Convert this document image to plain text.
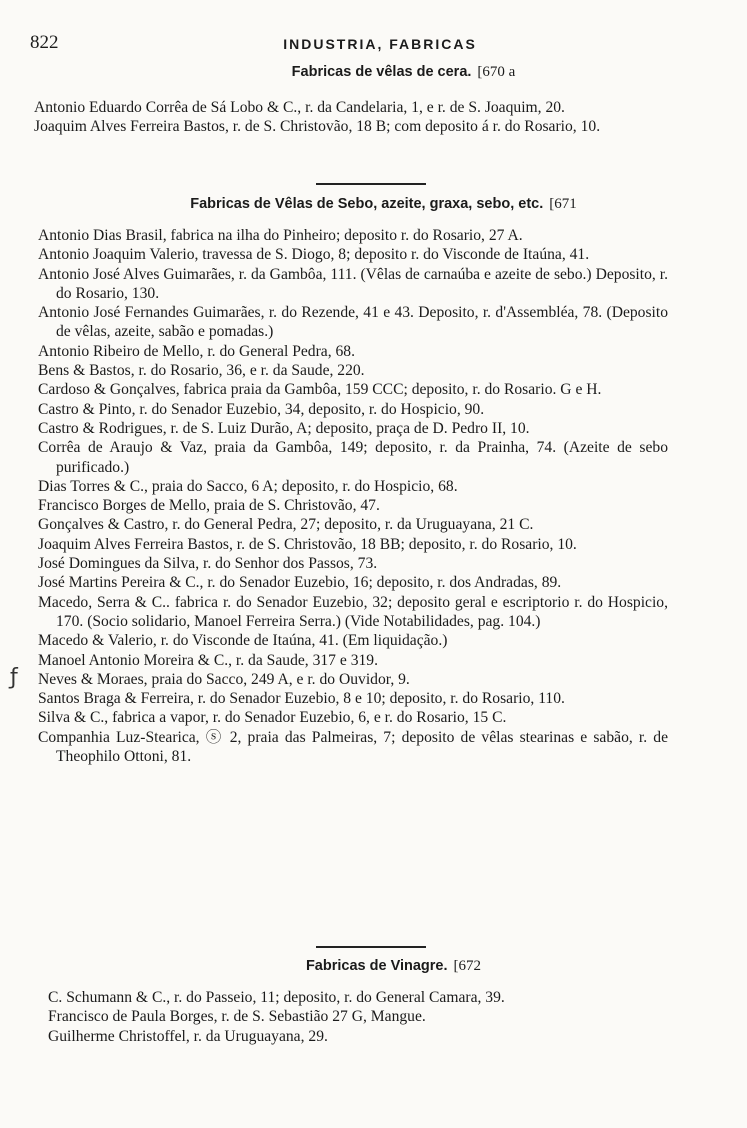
822	INDUSTRIA, FABRICAS

Fabricas de vêlas de cera. [670 a

Antonio Eduardo Corrêa de Sá Lobo & C., r. da Candelaria, 1, e r. de S. Joaquim, 20.

Joaquim Alves Ferreira Bastos, r. de S. Christovão, 18 B; com deposito á r. do Rosario, 10.

Fabricas de Vêlas de Sebo, azeite, graxa, sebo, etc. [671

Antonio Dias Brasil, fabrica na ilha do Pinheiro; deposito r. do Rosario, 27 A.

Antonio Joaquim Valerio, travessa de S. Diogo, 8; deposito r. do Visconde de Itaúna, 41.

Antonio José Alves Guimarães, r. da Gambôa, 111. (Vêlas de carnaúba e azeite de sebo.) Deposito, r. do Rosario, 130.

Antonio José Fernandes Guimarães, r. do Rezende, 41 e 43. Deposito, r. d'Assembléa, 78. (Deposito de vêlas, azeite, sabão e pomadas.)

Antonio Ribeiro de Mello, r. do General Pedra, 68.

Bens & Bastos, r. do Rosario, 36, e r. da Saude, 220.

Cardoso & Gonçalves, fabrica praia da Gambôa, 159 CCC; deposito, r. do Rosario. G e H.

Castro & Pinto, r. do Senador Euzebio, 34, deposito, r. do Hospicio, 90.

Castro & Rodrigues, r. de S. Luiz Durão, A; deposito, praça de D. Pedro II, 10.

Corrêa de Araujo & Vaz, praia da Gambôa, 149; deposito, r. da Prainha, 74. (Azeite de sebo purificado.)

Dias Torres & C., praia do Sacco, 6 A; deposito, r. do Hospicio, 68.

Francisco Borges de Mello, praia de S. Christovão, 47.

Gonçalves & Castro, r. do General Pedra, 27; deposito, r. da Uruguayana, 21 C.

Joaquim Alves Ferreira Bastos, r. de S. Christovão, 18 BB; deposito, r. do Rosario, 10.

José Domingues da Silva, r. do Senhor dos Passos, 73.

José Martins Pereira & C., r. do Senador Euzebio, 16; deposito, r. dos Andradas, 89.

Macedo, Serra & C.. fabrica r. do Senador Euzebio, 32; deposito geral e escriptorio r. do Hospicio, 170. (Socio solidario, Manoel Ferreira Serra.) (Vide Notabilidades, pag. 104.)

Macedo & Valerio, r. do Visconde de Itaúna, 41. (Em liquidação.)

Manoel Antonio Moreira & C., r. da Saude, 317 e 319.

Neves & Moraes, praia do Sacco, 249 A, e r. do Ouvidor, 9.

Santos Braga & Ferreira, r. do Senador Euzebio, 8 e 10; deposito, r. do Rosario, 110.

Silva & C., fabrica a vapor, r. do Senador Euzebio, 6, e r. do Rosario, 15 C.

Companhia Luz-Stearica, ⓢ 2, praia das Palmeiras, 7; deposito de vêlas stearinas e sabão, r. de Theophilo Ottoni, 81.

Fabricas de Vinagre. [672

C. Schumann & C., r. do Passeio, 11; deposito, r. do General Camara, 39.

Francisco de Paula Borges, r. de S. Sebastião 27 G, Mangue.

Guilherme Christoffel, r. da Uruguayana, 29.

ƒ
